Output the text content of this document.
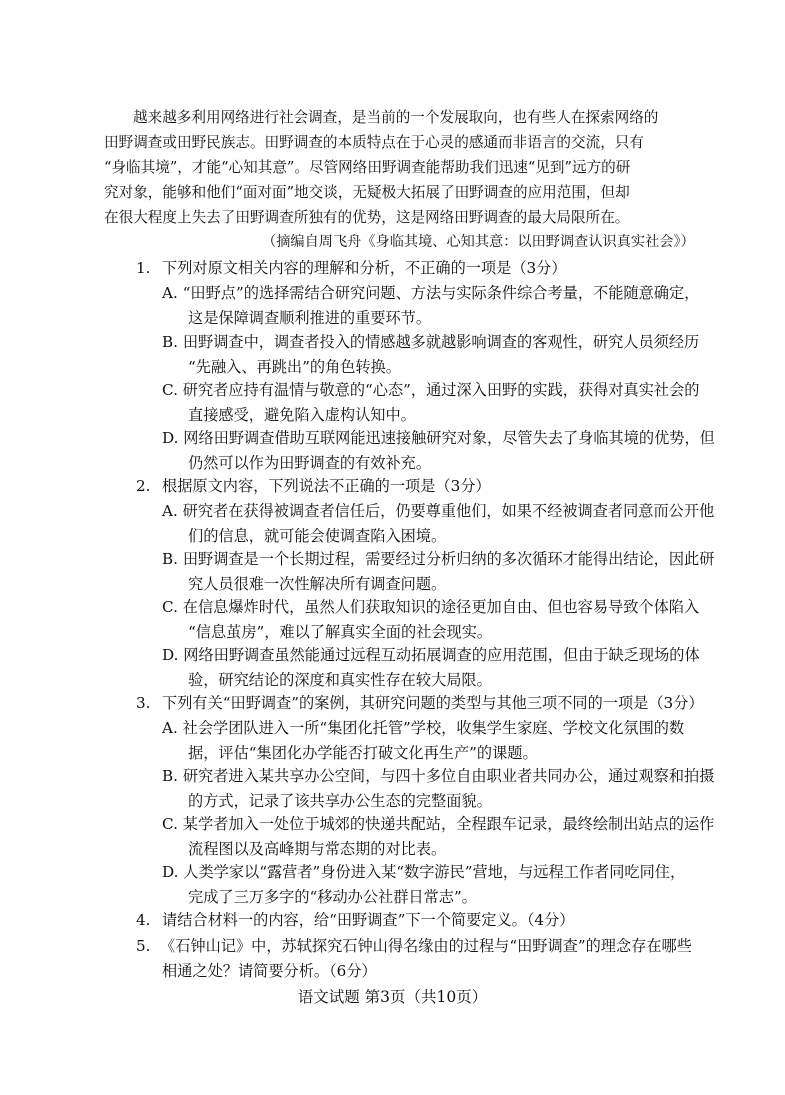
越来越多利用网络进行社会调查，是当前的一个发展取向，也有些人在探索网络的
田野调查或田野民族志。田野调查的本质特点在于心灵的感通而非语言的交流，只有
“身临其境”，才能“心知其意”。尽管网络田野调查能帮助我们迅速“见到”远方的研
究对象，能够和他们“面对面”地交谈，无疑极大拓展了田野调查的应用范围，但却
在很大程度上失去了田野调查所独有的优势，这是网络田野调查的最大局限所在。
（摘编自周飞舟《身临其境、心知其意：以田野调查认识真实社会》）
1. 下列对原文相关内容的理解和分析，不正确的一项是（3分）
A. “田野点”的选择需结合研究问题、方法与实际条件综合考量，不能随意确定，
这是保障调查顺利推进的重要环节。
B. 田野调查中，调查者投入的情感越多就越影响调查的客观性，研究人员须经历
“先融入、再跳出”的角色转换。
C. 研究者应持有温情与敬意的“心态”，通过深入田野的实践，获得对真实社会的
直接感受，避免陷入虚构认知中。
D. 网络田野调查借助互联网能迅速接触研究对象，尽管失去了身临其境的优势，但
仍然可以作为田野调查的有效补充。
2. 根据原文内容，下列说法不正确的一项是（3分）
A. 研究者在获得被调查者信任后，仍要尊重他们，如果不经被调查者同意而公开他
们的信息，就可能会使调查陷入困境。
B. 田野调查是一个长期过程，需要经过分析归纳的多次循环才能得出结论，因此研
究人员很难一次性解决所有调查问题。
C. 在信息爆炸时代，虽然人们获取知识的途径更加自由、但也容易导致个体陷入
“信息茧房”，难以了解真实全面的社会现实。
D. 网络田野调查虽然能通过远程互动拓展调查的应用范围，但由于缺乏现场的体
验，研究结论的深度和真实性存在较大局限。
3. 下列有关“田野调查”的案例，其研究问题的类型与其他三项不同的一项是（3分）
A. 社会学团队进入一所“集团化托管”学校，收集学生家庭、学校文化氛围的数
据，评估“集团化办学能否打破文化再生产”的课题。
B. 研究者进入某共享办公空间，与四十多位自由职业者共同办公，通过观察和拍摄
的方式，记录了该共享办公生态的完整面貌。
C. 某学者加入一处位于城郊的快递共配站，全程跟车记录，最终绘制出站点的运作
流程图以及高峰期与常态期的对比表。
D. 人类学家以“露营者”身份进入某“数字游民”营地，与远程工作者同吃同住，
完成了三万多字的“移动办公社群日常志”。
4. 请结合材料一的内容，给“田野调查”下一个简要定义。（4分）
5. 《石钟山记》中，苏轼探究石钟山得名缘由的过程与“田野调查”的理念存在哪些
相通之处？请简要分析。（6分）
语文试题 第3页（共10页）
